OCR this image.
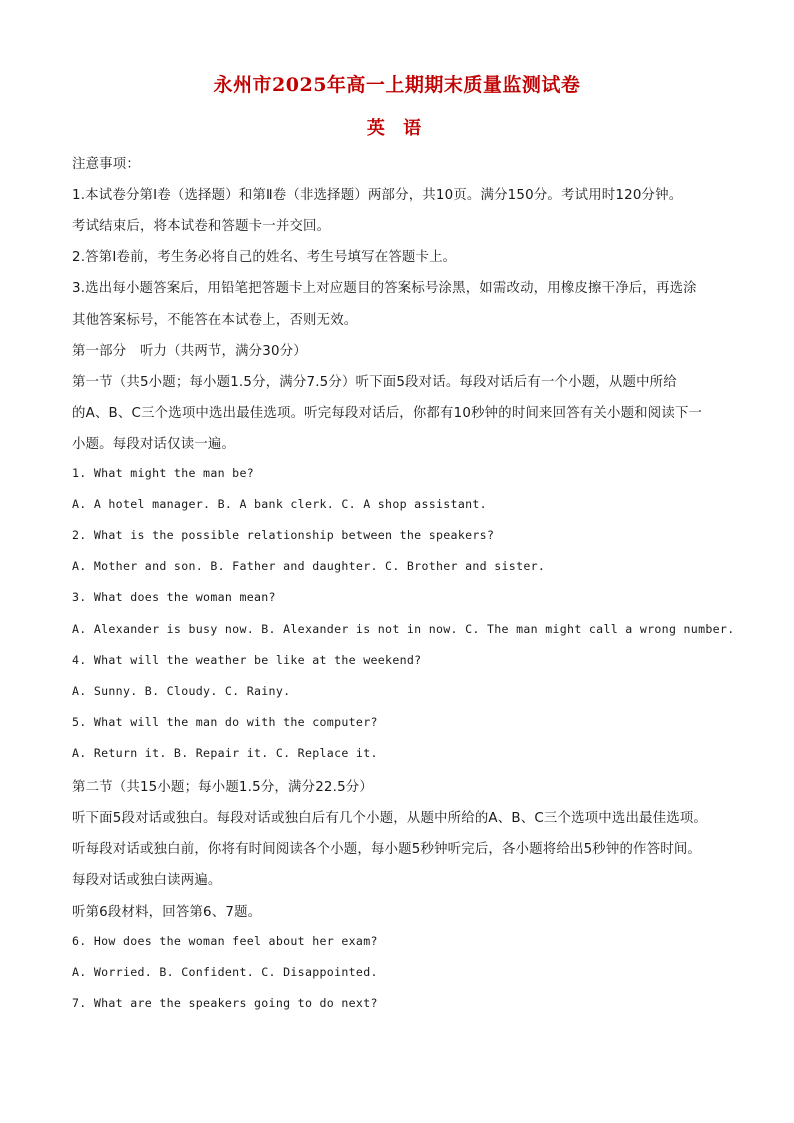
永州市2025年高一上期期末质量监测试卷
英 语
注意事项：
1.本试卷分第Ⅰ卷（选择题）和第Ⅱ卷（非选择题）两部分，共10页。满分150分。考试用时120分钟。
考试结束后，将本试卷和答题卡一并交回。
2.答第Ⅰ卷前，考生务必将自己的姓名、考生号填写在答题卡上。
3.选出每小题答案后，用铅笔把答题卡上对应题目的答案标号涂黑，如需改动，用橡皮擦干净后，再选涂
其他答案标号，不能答在本试卷上，否则无效。
第一部分　听力（共两节，满分30分）
第一节（共5小题；每小题1.5分，满分7.5分）听下面5段对话。每段对话后有一个小题，从题中所给
的A、B、C三个选项中选出最佳选项。听完每段对话后，你都有10秒钟的时间来回答有关小题和阅读下一
小题。每段对话仅读一遍。
1. What might the man be?
A. A hotel manager. B. A bank clerk. C. A shop assistant.
2. What is the possible relationship between the speakers?
A. Mother and son. B. Father and daughter. C. Brother and sister.
3. What does the woman mean?
A. Alexander is busy now. B. Alexander is not in now. C. The man might call a wrong number.
4. What will the weather be like at the weekend?
A. Sunny. B. Cloudy. C. Rainy.
5. What will the man do with the computer?
A. Return it. B. Repair it. C. Replace it.
第二节（共15小题；每小题1.5分，满分22.5分）
听下面5段对话或独白。每段对话或独白后有几个小题，从题中所给的A、B、C三个选项中选出最佳选项。
听每段对话或独白前，你将有时间阅读各个小题，每小题5秒钟听完后，各小题将给出5秒钟的作答时间。
每段对话或独白读两遍。
听第6段材料，回答第6、7题。
6. How does the woman feel about her exam?
A. Worried. B. Confident. C. Disappointed.
7. What are the speakers going to do next?
